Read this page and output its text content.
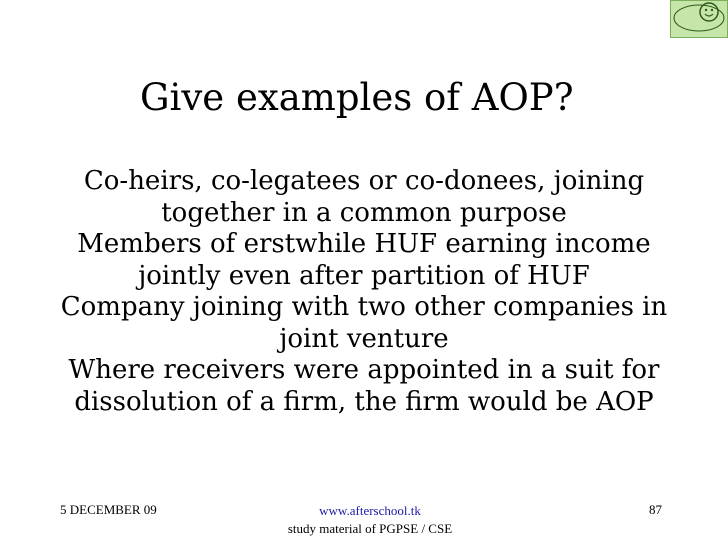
Give examples of AOP?

Co-heirs, co-legatees or co-donees, joining together in a common purpose

Members of erstwhile HUF earning income jointly even after partition of HUF

Company joining with two other companies in joint venture

Where receivers were appointed in a suit for dissolution of a firm, the firm would be AOP

5 DECEMBER 09	www.afterschool.tk
study material of PGPSE / CSE
87
